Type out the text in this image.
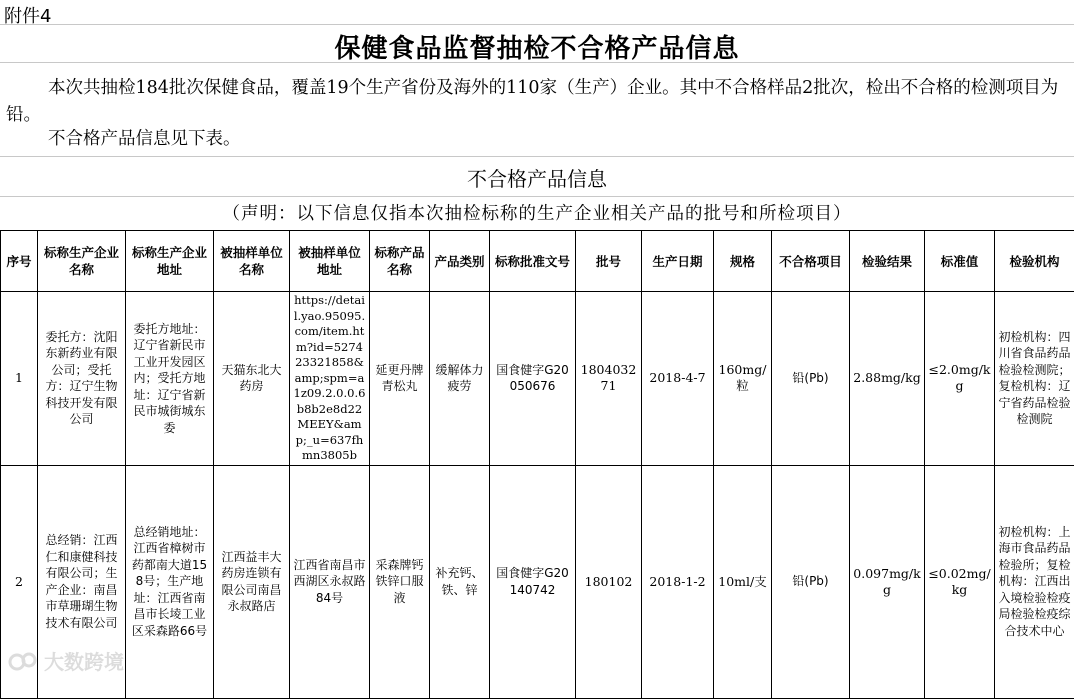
附件4
保健食品监督抽检不合格产品信息
本次共抽检184批次保健食品，覆盖19个生产省份及海外的110家（生产）企业。其中不合格样品2批次，检出不合格的检测项目为铅。
不合格产品信息见下表。
不合格产品信息
（声明：以下信息仅指本次抽检标称的生产企业相关产品的批号和所检项目）
序号	标称生产企业名称	标称生产企业地址	被抽样单位名称	被抽样单位地址	标称产品名称	产品类别	标称批准文号	批号	生产日期	规格	不合格项目	检验结果	标准值	检验机构
1	委托方：沈阳东新药业有限公司；受托方：辽宁生物科技开发有限公司	委托方地址：辽宁省新民市工业开发园区内；受托方地址：辽宁省新民市城街城东委	天猫东北大药房	https://detail.yao.95095.com/item.htm?id=527423321858&amp;spm=a1z09.2.0.0.6b8b2e8d22MEEY&amp;_u=637fhmn3805b	延更丹牌青松丸	缓解体力疲劳	国食健字G20050676	180403271	2018-4-7	160mg/粒	铅(Pb)	2.88mg/kg	≤2.0mg/kg	初检机构：四川省食品药品检验检测院；复检机构：辽宁省药品检验检测院
2	总经销：江西仁和康健科技有限公司；生产企业：南昌市草珊瑚生物技术有限公司	总经销地址：江西省樟树市药都南大道158号；生产地址：江西省南昌市长堎工业区采森路66号	江西益丰大药房连锁有限公司南昌永叔路店	江西省南昌市西湖区永叔路84号	采森牌钙铁锌口服液	补充钙、铁、锌	国食健字G20140742	180102	2018-1-2	10ml/支	铅(Pb)	0.097mg/kg	≤0.02mg/kg	初检机构：上海市食品药品检验所；复检机构：江西出入境检验检疫局检验检疫综合技术中心
大数跨境
